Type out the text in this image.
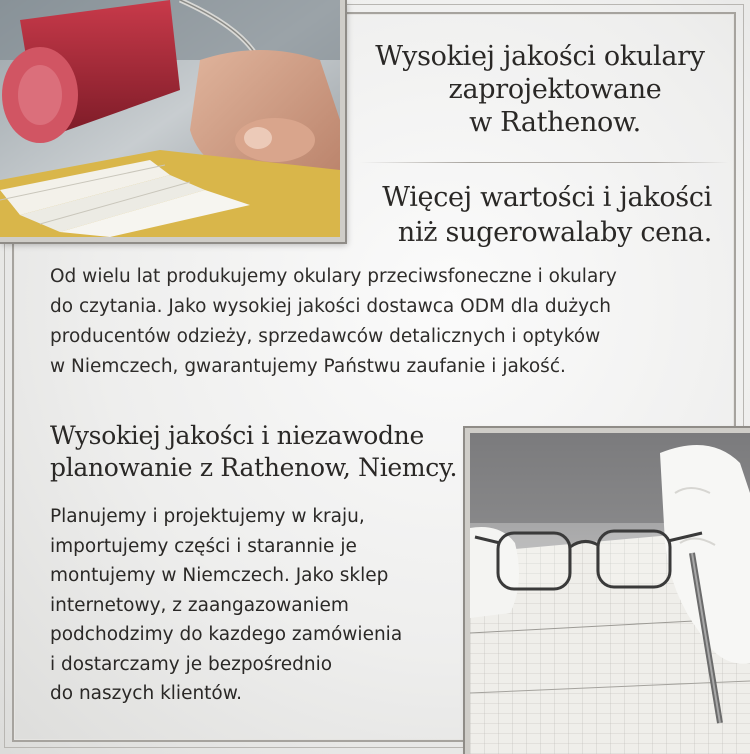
Wysokiej jakości okulary
zaprojektowane
w Rathenow.
Więcej wartości i jakości
niż sugerowalaby cena.
Od wielu lat produkujemy okulary przeciwsfoneczne i okulary
do czytania. Jako wysokiej jakości dostawca ODM dla dużych
producentów odzieży, sprzedawców detalicznych i optyków
w Niemczech, gwarantujemy Państwu zaufanie i jakość.
Wysokiej jakości i niezawodne
planowanie z Rathenow, Niemcy.
Planujemy i projektujemy w kraju,
importujemy części i starannie je
montujemy w Niemczech. Jako sklep
internetowy, z zaangazowaniem
podchodzimy do kazdego zamówienia
i dostarczamy je bezpośrednio
do naszych klientów.
